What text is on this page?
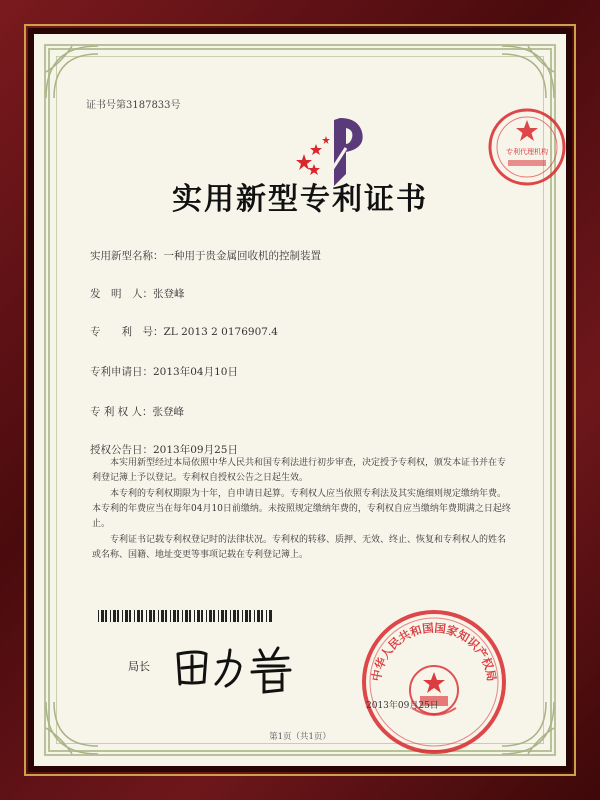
证书号第3187833号
专利代理机构
实用新型专利证书
实用新型名称：一种用于贵金属回收机的控制装置
发　明　人：张登峰
专　　利　号：ZL 2013 2 0176907.4
专利申请日：2013年04月10日
专 利 权 人：张登峰
授权公告日：2013年09月25日

本实用新型经过本局依照中华人民共和国专利法进行初步审查，决定授予专利权，颁发本证书并在专利登记簿上予以登记。专利权自授权公告之日起生效。

本专利的专利权期限为十年，自申请日起算。专利权人应当依照专利法及其实施细则规定缴纳年费。本专利的年费应当在每年04月10日前缴纳。未按照规定缴纳年费的，专利权自应当缴纳年费期满之日起终止。

专利证书记载专利权登记时的法律状况。专利权的转移、质押、无效、终止、恢复和专利权人的姓名或名称、国籍、地址变更等事项记载在专利登记簿上。

局长
中华人民共和国国家知识产权局
2013年09月25日
第1页（共1页）
